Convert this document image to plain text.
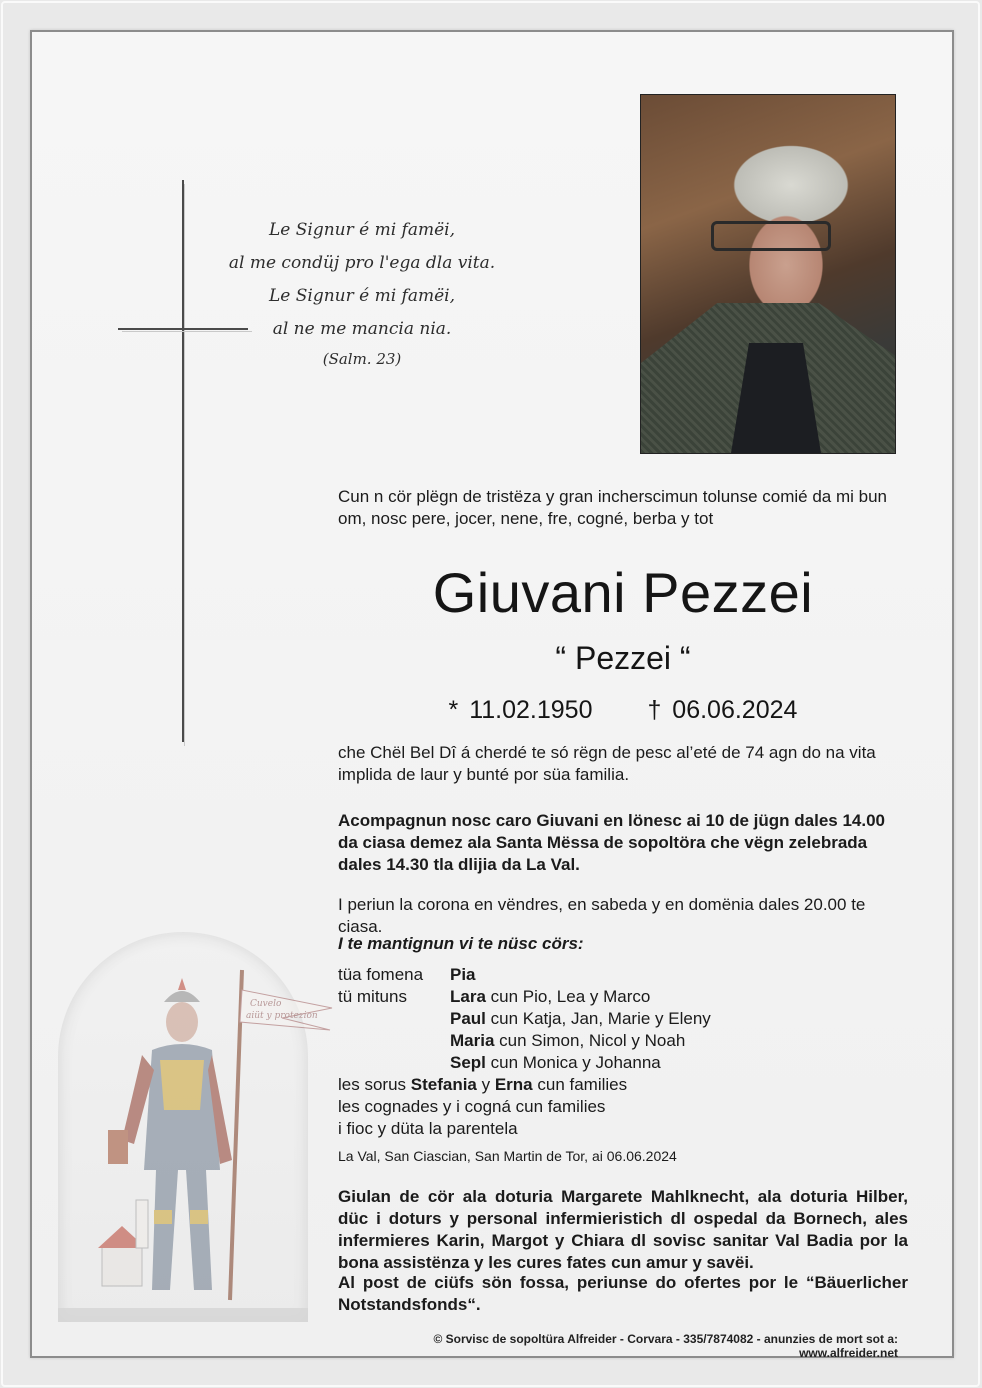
Le Signur é mi famëi,
al me condüj pro l'ega dla vita.
Le Signur é mi famëi,
al ne me mancia nia.
(Salm. 23)
Cun n cör plëgn de tristëza y gran incherscimun tolunse comié da mi bun om, nosc pere, jocer, nene, fre, cogné, berba y tot
Giuvani Pezzei
“ Pezzei “
* 11.02.1950 † 06.06.2024
che Chël Bel Dî á cherdé te só rëgn de pesc al’eté de 74 agn do na vita implida de laur y bunté por süa familia.
Acompagnun nosc caro Giuvani en lönesc ai 10 de jügn dales 14.00 da ciasa demez ala Santa Mëssa de sopoltöra che vëgn zelebrada dales 14.30 tla dlijia da La Val.
I periun la corona en vëndres, en sabeda y en domënia dales 20.00 te ciasa.
I te mantignun vi te nüsc cörs:
tüa fomena Pia
tü mituns	Lara cun Pio, Lea y Marco
Paul cun Katja, Jan, Marie y Eleny
Maria cun Simon, Nicol y Noah
Sepl cun Monica y Johanna
les sorus Stefania y Erna cun families
les cognades y i cogná cun families
i fioc y düta la parentela
La Val, San Ciascian, San Martin de Tor, ai 06.06.2024
Giulan de cör ala doturia Margarete Mahlknecht, ala doturia Hilber, düc i doturs y personal infermieristich dl ospedal da Bornech, ales infermieres Karin, Margot y Chiara dl sovisc sanitar Val Badia por la bona assistënza y les cures fates cun amur y savëi.
Al post de ciüfs sön fossa, periunse do ofertes por le “Bäuerlicher Notstandsfonds“.
© Sorvisc de sopoltüra Alfreider - Corvara - 335/7874082 - anunzies de mort sot a: www.alfreider.net
Cuvelo
aiüt y protezion
